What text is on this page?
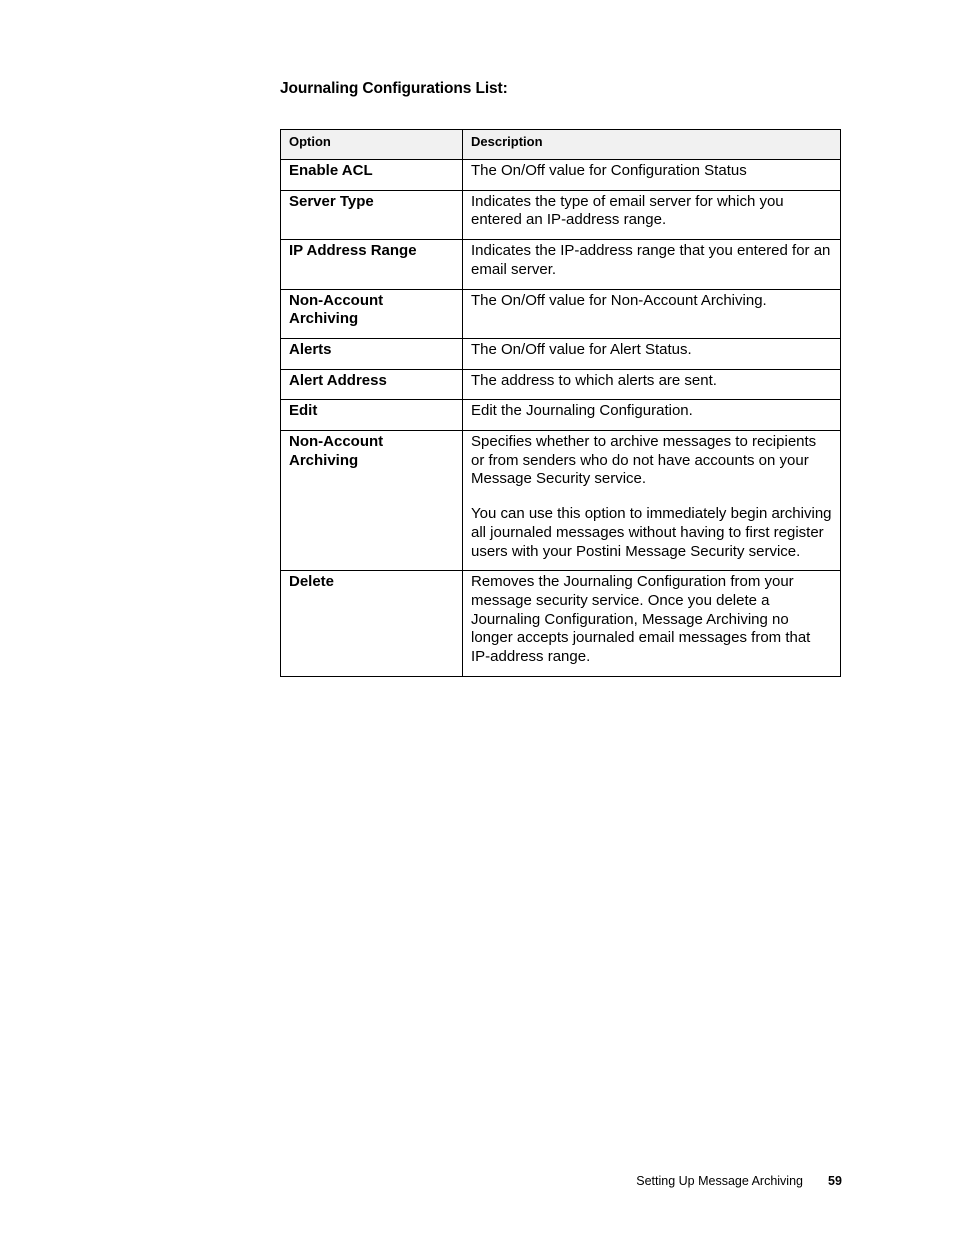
Journaling Configurations List:
Option	Description
Enable ACL	The On/Off value for Configuration Status

Server Type	Indicates the type of email server for which you entered an IP-address range.

IP Address Range	Indicates the IP-address range that you entered for an email server.

Non-Account Archiving	The On/Off value for Non-Account Archiving.

Alerts	The On/Off value for Alert Status.

Alert Address	The address to which alerts are sent.

Edit	Edit the Journaling Configuration.

Non-Account Archiving	Specifies whether to archive messages to recipients or from senders who do not have accounts on your Message Security service.

You can use this option to immediately begin archiving all journaled messages without having to first register users with your Postini Message Security service.

Delete	Removes the Journaling Configuration from your message security service. Once you delete a Journaling Configuration, Message Archiving no longer accepts journaled email messages from that IP-address range.

Setting Up Message Archiving 59
